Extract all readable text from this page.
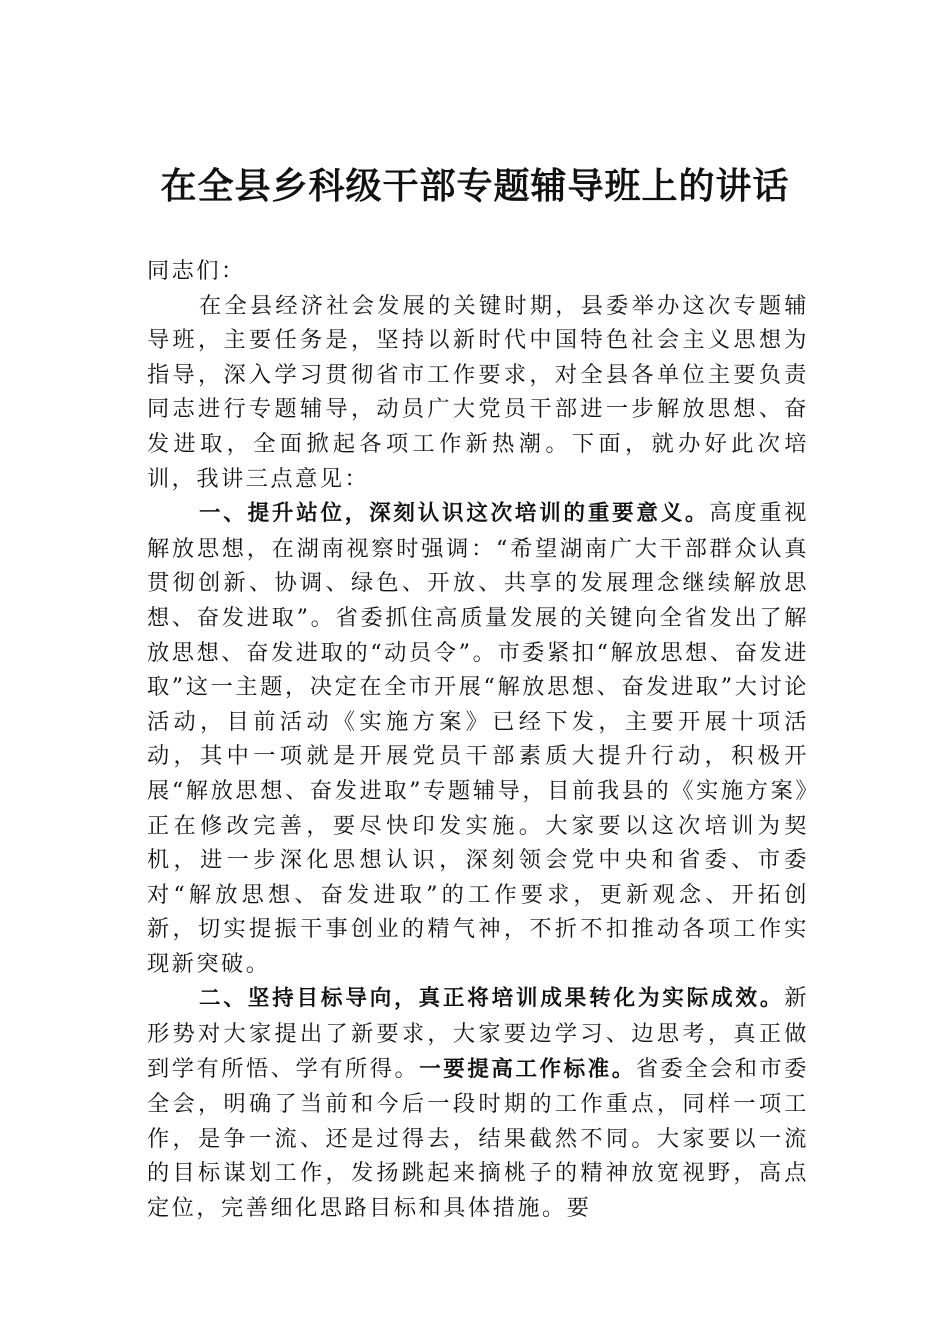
在全县乡科级干部专题辅导班上的讲话

同志们：

在全县经济社会发展的关键时期，县委举办这次专题辅导班，主要任务是，坚持以新时代中国特色社会主义思想为指导，深入学习贯彻省市工作要求，对全县各单位主要负责同志进行专题辅导，动员广大党员干部进一步解放思想、奋发进取，全面掀起各项工作新热潮。下面，就办好此次培训，我讲三点意见：

一、提升站位，深刻认识这次培训的重要意义。高度重视解放思想，在湖南视察时强调：“希望湖南广大干部群众认真贯彻创新、协调、绿色、开放、共享的发展理念继续解放思想、奋发进取”。省委抓住高质量发展的关键向全省发出了解放思想、奋发进取的“动员令”。市委紧扣“解放思想、奋发进取”这一主题，决定在全市开展“解放思想、奋发进取”大讨论活动，目前活动《实施方案》已经下发，主要开展十项活动，其中一项就是开展党员干部素质大提升行动，积极开展“解放思想、奋发进取”专题辅导，目前我县的《实施方案》正在修改完善，要尽快印发实施。大家要以这次培训为契机，进一步深化思想认识，深刻领会党中央和省委、市委对“解放思想、奋发进取”的工作要求，更新观念、开拓创新，切实提振干事创业的精气神，不折不扣推动各项工作实现新突破。

二、坚持目标导向，真正将培训成果转化为实际成效。新形势对大家提出了新要求，大家要边学习、边思考，真正做到学有所悟、学有所得。一要提高工作标准。省委全会和市委全会，明确了当前和今后一段时期的工作重点，同样一项工作，是争一流、还是过得去，结果截然不同。大家要以一流的目标谋划工作，发扬跳起来摘桃子的精神放宽视野，高点定位，完善细化思路目标和具体措施。要
